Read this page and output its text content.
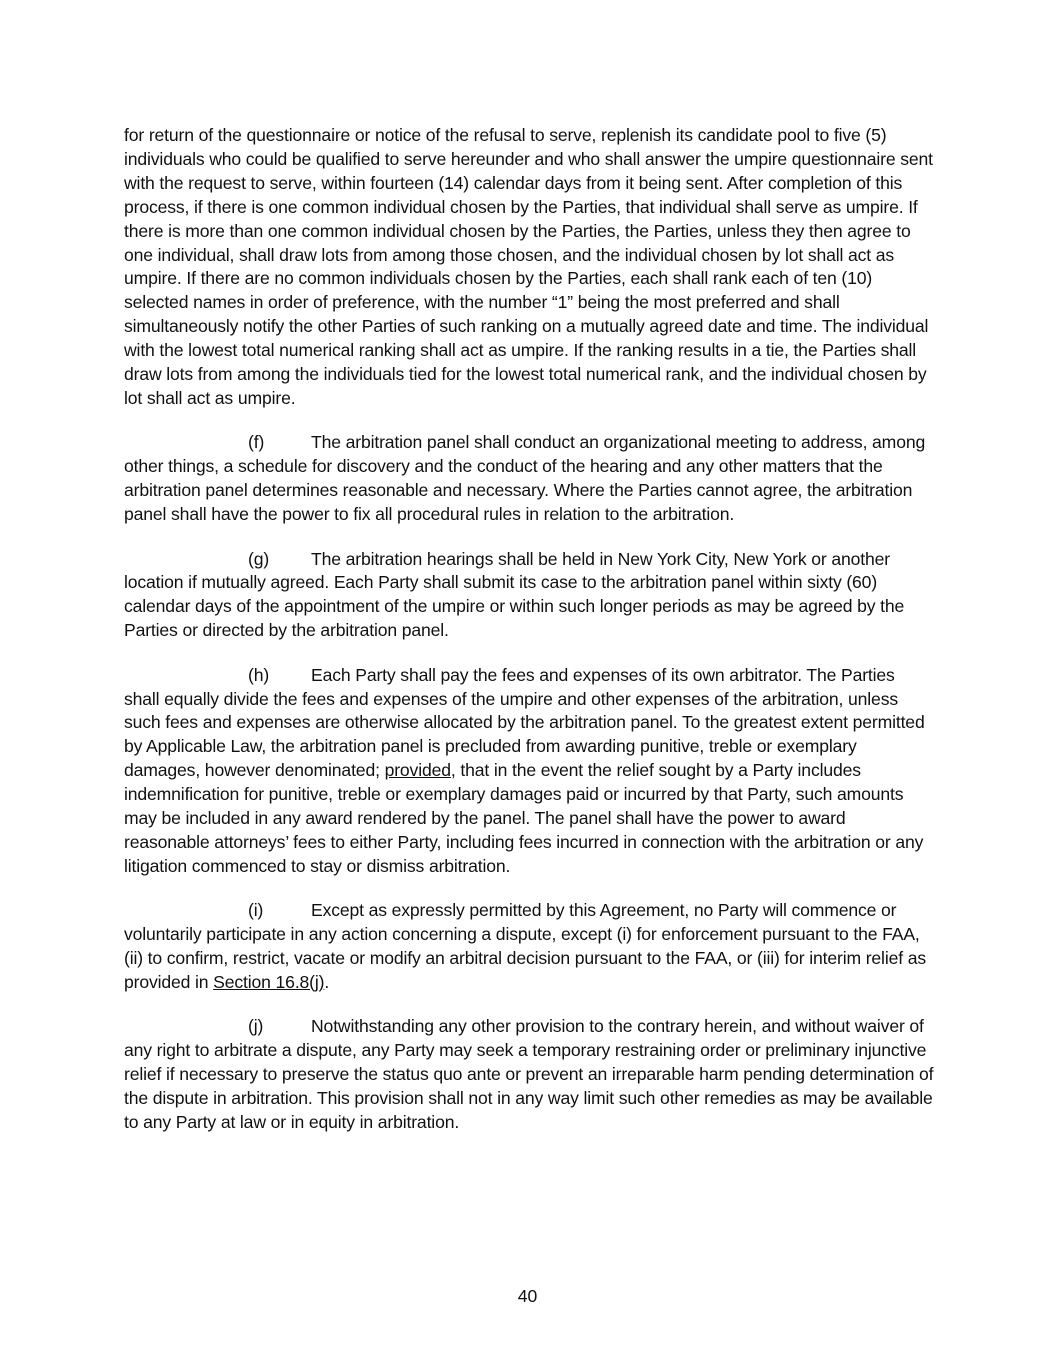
for return of the questionnaire or notice of the refusal to serve, replenish its candidate pool to five (5) individuals who could be qualified to serve hereunder and who shall answer the umpire questionnaire sent with the request to serve, within fourteen (14) calendar days from it being sent. After completion of this process, if there is one common individual chosen by the Parties, that individual shall serve as umpire. If there is more than one common individual chosen by the Parties, the Parties, unless they then agree to one individual, shall draw lots from among those chosen, and the individual chosen by lot shall act as umpire. If there are no common individuals chosen by the Parties, each shall rank each of ten (10) selected names in order of preference, with the number “1” being the most preferred and shall simultaneously notify the other Parties of such ranking on a mutually agreed date and time. The individual with the lowest total numerical ranking shall act as umpire. If the ranking results in a tie, the Parties shall draw lots from among the individuals tied for the lowest total numerical rank, and the individual chosen by lot shall act as umpire.

(f)	The arbitration panel shall conduct an organizational meeting to address, among other things, a schedule for discovery and the conduct of the hearing and any other matters that the arbitration panel determines reasonable and necessary. Where the Parties cannot agree, the arbitration panel shall have the power to fix all procedural rules in relation to the arbitration.

(g) The arbitration hearings shall be held in New York City, New York or another location if mutually agreed. Each Party shall submit its case to the arbitration panel within sixty (60) calendar days of the appointment of the umpire or within such longer periods as may be agreed by the Parties or directed by the arbitration panel.

(h) Each Party shall pay the fees and expenses of its own arbitrator. The Parties shall equally divide the fees and expenses of the umpire and other expenses of the arbitration, unless such fees and expenses are otherwise allocated by the arbitration panel. To the greatest extent permitted by Applicable Law, the arbitration panel is precluded from awarding punitive, treble or exemplary damages, however denominated; provided, that in the event the relief sought by a Party includes indemnification for punitive, treble or exemplary damages paid or incurred by that Party, such amounts may be included in any award rendered by the panel. The panel shall have the power to award reasonable attorneys’ fees to either Party, including fees incurred in connection with the arbitration or any litigation commenced to stay or dismiss arbitration.

(i)	Except as expressly permitted by this Agreement, no Party will commence or voluntarily participate in any action concerning a dispute, except (i) for enforcement pursuant to the FAA, (ii) to confirm, restrict, vacate or modify an arbitral decision pursuant to the FAA, or (iii) for interim relief as provided in Section 16.8(j).

(j)	Notwithstanding any other provision to the contrary herein, and without waiver of any right to arbitrate a dispute, any Party may seek a temporary restraining order or preliminary injunctive relief if necessary to preserve the status quo ante or prevent an irreparable harm pending determination of the dispute in arbitration. This provision shall not in any way limit such other remedies as may be available to any Party at law or in equity in arbitration.

40
